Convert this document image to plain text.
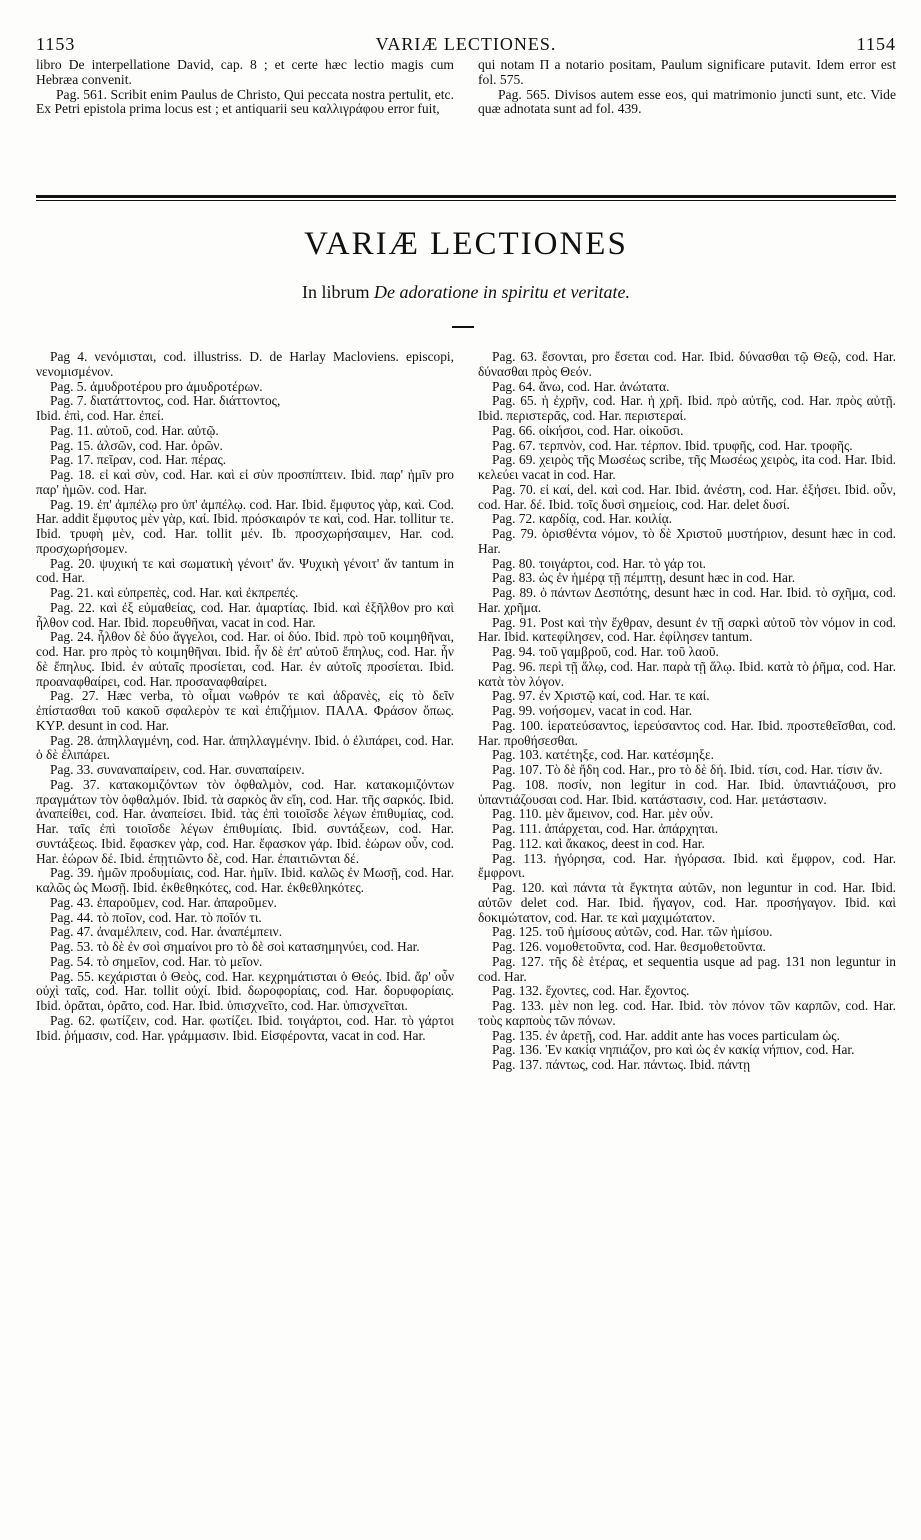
1153	VARIÆ LECTIONES.	1154

libro De interpellatione David, cap. 8 ; et certe hæc lectio magis cum Hebræa convenit.

Pag. 561. Scribit enim Paulus de Christo, Qui peccata nostra pertulit, etc. Ex Petri epistola prima locus est ; et antiquarii seu καλλιγράφου error fuit,

qui notam Π a notario positam, Paulum significare putavit. Idem error est fol. 575.

Pag. 565. Divisos autem esse eos, qui matrimonio juncti sunt, etc. Vide quæ adnotata sunt ad fol. 439.

VARIÆ LECTIONES
In librum De adoratione in spiritu et veritate.

Pag 4. νενόμισται, cod. illustriss. D. de Harlay Macloviens. episcopi, νενομισμένον.

Pag. 5. ἀμυδροτέρου pro ἀμυδροτέρων.

Pag. 7. διατάττοντος, cod. Har. διάττοντος,

Ibid. ἐπὶ, cod. Har. ἐπεί.

Pag. 11. αὐτοῦ, cod. Har. αὐτῷ.

Pag. 15. ἀλσῶν, cod. Har. ὀρῶν.

Pag. 17. πεῖραν, cod. Har. πέρας.

Pag. 18. εἰ καὶ σὺν, cod. Har. καὶ εἰ σὺν προσπίπτειν. Ibid. παρ' ἡμῖν pro παρ' ἡμῶν. cod. Har.

Pag. 19. ἐπ' ἀμπέλῳ pro ὑπ' ἀμπέλῳ. cod. Har. Ibid. ἔμφυτος γὰρ, καὶ. Cod. Har. addit ἔμφυτος μὲν γὰρ, καί. Ibid. πρόσκαιρόν τε καὶ, cod. Har. tollitur τε. Ibid. τρυφὴ μὲν, cod. Har. tollit μέν. Ib. προσχωρήσαιμεν, Har. cod. προσχωρήσομεν.

Pag. 20. ψυχική τε καὶ σωματικὴ γένοιτ' ἄν. Ψυχικὴ γένοιτ' ἄν tantum in cod. Har.

Pag. 21. καὶ εὐπρεπὲς, cod. Har. καὶ ἐκπρεπές.

Pag. 22. καὶ ἐξ εὐμαθείας, cod. Har. ἁμαρτίας. Ibid. καὶ ἐξῆλθον pro καὶ ἦλθον cod. Har. Ibid. πορευθῆναι, vacat in cod. Har.

Pag. 24. ἦλθον δὲ δύο ἄγγελοι, cod. Har. οἱ δύο. Ibid. πρὸ τοῦ κοιμηθῆναι, cod. Har. pro πρὸς τὸ κοιμηθῆναι. Ibid. ἦν δὲ ἐπ' αὐτοῦ ἔπηλυς, cod. Har. ἦν δὲ ἔπηλυς. Ibid. ἐν αὐταῖς προσίεται, cod. Har. ἐν αὐτοῖς προσίεται. Ibid. προαναφθαίρει, cod. Har. προσαναφθαίρει.

Pag. 27. Hæc verba, τὸ οἶμαι νωθρόν τε καὶ ἀδρανὲς, εἰς τὸ δεῖν ἐπίστασθαι τοῦ κακοῦ σφαλερὸν τε καὶ ἐπιζήμιον. ΠΑΛΑ. Φράσον ὅπως. ΚΥΡ. desunt in cod. Har.

Pag. 28. ἀπηλλαγμένη, cod. Har. ἀπηλλαγμένην. Ibid. ὁ ἐλιπάρει, cod. Har. ὁ δὲ ἐλιπάρει.

Pag. 33. συναναπαίρειν, cod. Har. συναπαίρειν.

Pag. 37. κατακομιζόντων τὸν ὀφθαλμὸν, cod. Har. κατακομιζόντων πραγμάτων τὸν ὀφθαλμόν. Ibid. τὰ σαρκὸς ἂν εἴη, cod. Har. τῆς σαρκός. Ibid. ἀναπείθει, cod. Har. ἀναπείσει. Ibid. τὰς ἐπὶ τοιοῖσδε λέγων ἐπιθυμίας, cod. Har. ταῖς ἐπὶ τοιοῖσδε λέγων ἐπιθυμίαις. Ibid. συντάξεων, cod. Har. συντάξεως. Ibid. ἔφασκεν γὰρ, cod. Har. ἔφασκον γάρ. Ibid. ἑώρων οὖν, cod. Har. ἑώρων δέ. Ibid. ἐπῃτιῶντο δὲ, cod. Har. ἐπαιτιῶνται δέ.

Pag. 39. ἡμῶν προδυμίαις, cod. Har. ἡμῖν. Ibid. καλῶς ἐν Μωσῇ, cod. Har. καλῶς ὡς Μωσῇ. Ibid. ἐκθεθηκότες, cod. Har. ἐκθεθληκότες.

Pag. 43. ἐπαροῦμεν, cod. Har. ἀπαροῦμεν.

Pag. 44. τὸ ποῖον, cod. Har. τὸ ποῖόν τι.

Pag. 47. ἀναμέλπειν, cod. Har. ἀναπέμπειν.

Pag. 53. τὸ δὲ ἐν σοὶ σημαίνοι pro τὸ δὲ σοὶ κατασημηνύει, cod. Har.

Pag. 54. τὸ σημεῖον, cod. Har. τὸ μεῖον.

Pag. 55. κεχάρισται ὁ Θεὸς, cod. Har. κεχρημάτισται ὁ Θεός. Ibid. ἄρ' οὖν οὐχὶ ταῖς, cod. Har. tollit οὐχί. Ibid. δωροφορίαις, cod. Har. δορυφορίαις. Ibid. ὁρᾶται, ὁρᾶτο, cod. Har. Ibid. ὑπισχνεῖτο, cod. Har. ὑπισχνεῖται.

Pag. 62. φωτίζειν, cod. Har. φωτίζει. Ibid. τοιγάρτοι, cod. Har. τὸ γάρτοι Ibid. ῥήμασιν, cod. Har. γράμμασιν. Ibid. Εἰσφέροντα, vacat in cod. Har.

Pag. 63. ἔσονται, pro ἔσεται cod. Har. Ibid. δύνασθαι τῷ Θεῷ, cod. Har. δύνασθαι πρὸς Θεόν.

Pag. 64. ἄνω, cod. Har. ἀνώτατα.

Pag. 65. ἡ ἐχρῆν, cod. Har. ἡ χρῆ. Ibid. πρὸ αὐτῆς, cod. Har. πρὸς αὐτῇ. Ibid. περιστερᾶς, cod. Har. περιστεραί.

Pag. 66. οἰκήσοι, cod. Har. οἰκοῦσι.

Pag. 67. τερπνὸν, cod. Har. τέρπον. Ibid. τρυφῆς, cod. Har. τροφῆς.

Pag. 69. χειρὸς τῆς Μωσέως scribe, τῆς Μωσέως χειρὸς, ita cod. Har. Ibid. κελεύει vacat in cod. Har.

Pag. 70. εἰ καί, del. καὶ cod. Har. Ibid. ἀνέστη, cod. Har. ἐξήσει. Ibid. οὖν, cod. Har. δέ. Ibid. τοῖς δυσὶ σημείοις, cod. Har. delet δυσί.

Pag. 72. καρδίᾳ, cod. Har. κοιλίᾳ.

Pag. 79. ὁρισθέντα νόμον, τὸ δὲ Χριστοῦ μυστήριον, desunt hæc in cod. Har.

Pag. 80. τοιγάρτοι, cod. Har. τὸ γάρ τοι.

Pag. 83. ὡς ἐν ἡμέρᾳ τῇ πέμπτῃ, desunt hæc in cod. Har.

Pag. 89. ὁ πάντων Δεσπότης, desunt hæc in cod. Har. Ibid. τὸ σχῆμα, cod. Har. χρῆμα.

Pag. 91. Post καὶ τὴν ἔχθραν, desunt ἐν τῇ σαρκὶ αὐτοῦ τὸν νόμον in cod. Har. Ibid. κατεφίλησεν, cod. Har. ἐφίλησεν tantum.

Pag. 94. τοῦ γαμβροῦ, cod. Har. τοῦ λαοῦ.

Pag. 96. περὶ τῇ ἅλῳ, cod. Har. παρὰ τῇ ἅλῳ. Ibid. κατὰ τὸ ῥῆμα, cod. Har. κατὰ τὸν λόγον.

Pag. 97. ἐν Χριστῷ καί, cod. Har. τε καί.

Pag. 99. νοήσομεν, vacat in cod. Har.

Pag. 100. ἱερατεύσαντος, ἱερεύσαντος cod. Har. Ibid. προστεθεῖσθαι, cod. Har. προθήσεσθαι.

Pag. 103. κατέτηξε, cod. Har. κατέσμηξε.

Pag. 107. Τὸ δὲ ἤδη cod. Har., pro τὸ δὲ δή. Ibid. τίσι, cod. Har. τίσιν ἄν.

Pag. 108. ποσίν, non legitur in cod. Har. Ibid. ὑπαντιάζουσι, pro ὑπαντιάζουσαι cod. Har. Ibid. κατάστασιν, cod. Har. μετάστασιν.

Pag. 110. μὲν ἄμεινον, cod. Har. μὲν οὖν.

Pag. 111. ἀπάρχεται, cod. Har. ἀπάρχηται.

Pag. 112. καὶ ἄκακος, deest in cod. Har.

Pag. 113. ἠγόρησα, cod. Har. ἠγόρασα. Ibid. καὶ ἔμφρον, cod. Har. ἔμφρονι.

Pag. 120. καὶ πάντα τὰ ἔγκτητα αὐτῶν, non leguntur in cod. Har. Ibid. αὐτῶν delet cod. Har. Ibid. ἤγαγον, cod. Har. προσήγαγον. Ibid. καὶ δοκιμώτατον, cod. Har. τε καὶ μαχιμώτατον.

Pag. 125. τοῦ ἡμίσους αὐτῶν, cod. Har. τῶν ἡμίσου.

Pag. 126. νομοθετοῦντα, cod. Har. θεσμοθετοῦντα.

Pag. 127. τῆς δὲ ἑτέρας, et sequentia usque ad pag. 131 non leguntur in cod. Har.

Pag. 132. ἔχοντες, cod. Har. ἔχοντος.

Pag. 133. μὲν non leg. cod. Har. Ibid. τὸν πόνον τῶν καρπῶν, cod. Har. τοὺς καρποὺς τῶν πόνων.

Pag. 135. ἐν ἀρετῇ, cod. Har. addit ante has voces particulam ὡς.

Pag. 136. Ἐν κακίᾳ νηπιάζον, pro καὶ ὡς ἐν κακίᾳ νήπιον, cod. Har.

Pag. 137. πάντως, cod. Har. πάντως. Ibid. πάντῃ
